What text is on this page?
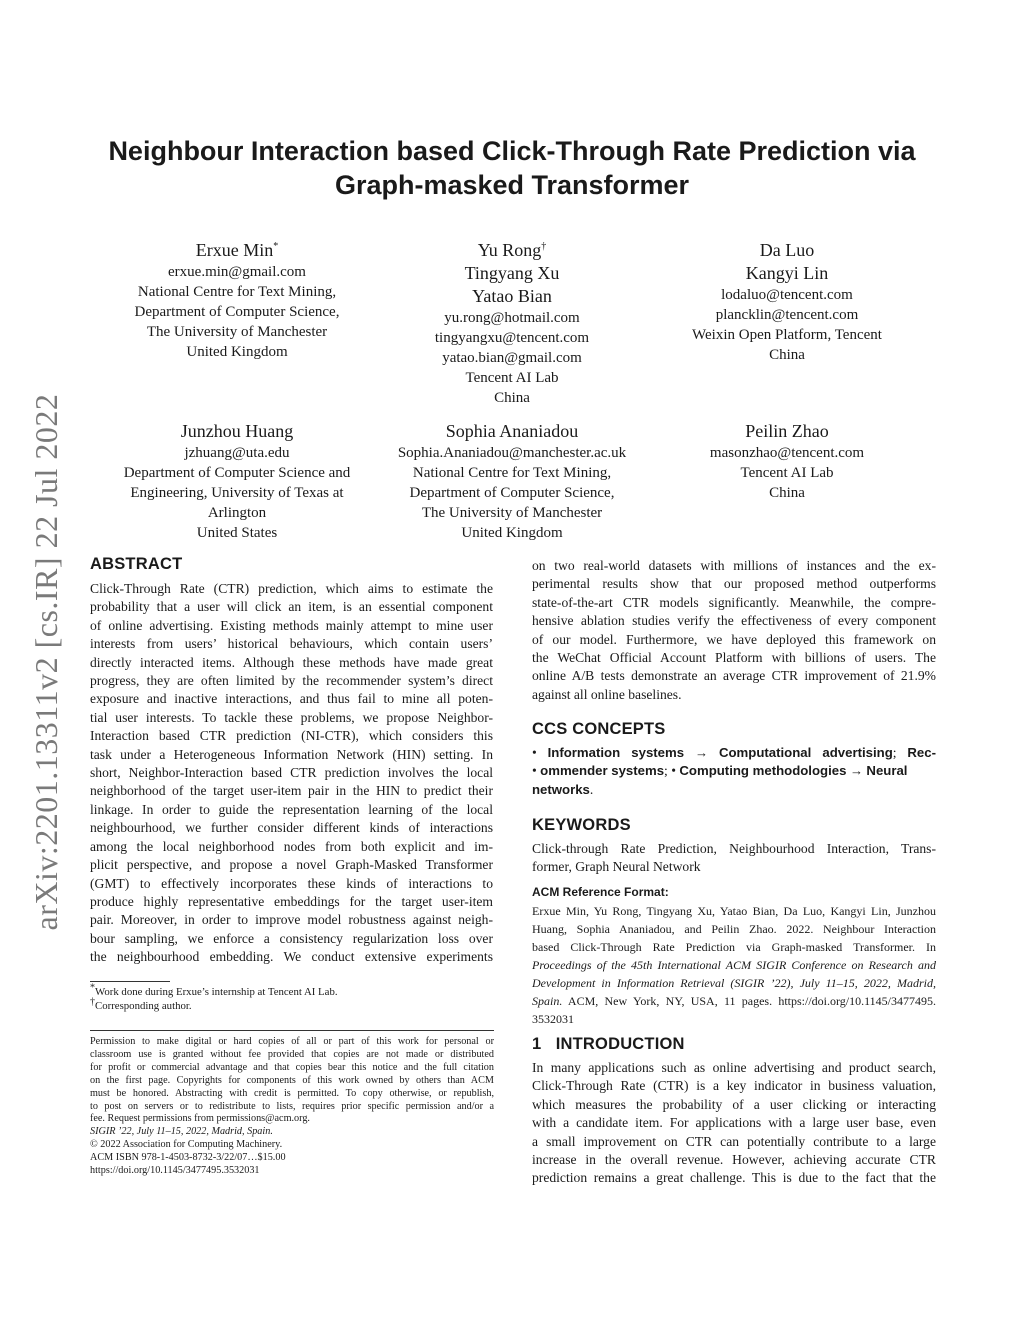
arXiv:2201.13311v2 [cs.IR] 22 Jul 2022
Neighbour Interaction based Click-Through Rate Prediction via
Graph-masked Transformer
Erxue Min*
erxue.min@gmail.com
National Centre for Text Mining,
Department of Computer Science,
The University of Manchester
United Kingdom
Yu Rong†
Tingyang Xu
Yatao Bian
yu.rong@hotmail.com
tingyangxu@tencent.com
yatao.bian@gmail.com
Tencent AI Lab
China
Da Luo
Kangyi Lin
lodaluo@tencent.com
plancklin@tencent.com
Weixin Open Platform, Tencent
China
Junzhou Huang
jzhuang@uta.edu
Department of Computer Science and
Engineering, University of Texas at
Arlington
United States
Sophia Ananiadou
Sophia.Ananiadou@manchester.ac.uk
National Centre for Text Mining,
Department of Computer Science,
The University of Manchester
United Kingdom
Peilin Zhao
masonzhao@tencent.com
Tencent AI Lab
China
ABSTRACT
Click-Through Rate (CTR) prediction, which aims to estimate the
probability that a user will click an item, is an essential component
of online advertising. Existing methods mainly attempt to mine user
interests from users’ historical behaviours, which contain users’
directly interacted items. Although these methods have made great
progress, they are often limited by the recommender system’s direct
exposure and inactive interactions, and thus fail to mine all poten-
tial user interests. To tackle these problems, we propose Neighbor-
Interaction based CTR prediction (NI-CTR), which considers this
task under a Heterogeneous Information Network (HIN) setting. In
short, Neighbor-Interaction based CTR prediction involves the local
neighborhood of the target user-item pair in the HIN to predict their
linkage. In order to guide the representation learning of the local
neighbourhood, we further consider different kinds of interactions
among the local neighborhood nodes from both explicit and im-
plicit perspective, and propose a novel Graph-Masked Transformer
(GMT) to effectively incorporates these kinds of interactions to
produce highly representative embeddings for the target user-item
pair. Moreover, in order to improve model robustness against neigh-
bour sampling, we enforce a consistency regularization loss over
the neighbourhood embedding. We conduct extensive experiments
*Work done during Erxue’s internship at Tencent AI Lab.
†Corresponding author.
Permission to make digital or hard copies of all or part of this work for personal or
classroom use is granted without fee provided that copies are not made or distributed
for profit or commercial advantage and that copies bear this notice and the full citation
on the first page. Copyrights for components of this work owned by others than ACM
must be honored. Abstracting with credit is permitted. To copy otherwise, or republish,
to post on servers or to redistribute to lists, requires prior specific permission and/or a
fee. Request permissions from permissions@acm.org.
SIGIR ’22, July 11–15, 2022, Madrid, Spain.
© 2022 Association for Computing Machinery.
ACM ISBN 978-1-4503-8732-3/22/07…$15.00
https://doi.org/10.1145/3477495.3532031
on two real-world datasets with millions of instances and the ex-
perimental results show that our proposed method outperforms
state-of-the-art CTR models significantly. Meanwhile, the compre-
hensive ablation studies verify the effectiveness of every component
of our model. Furthermore, we have deployed this framework on
the WeChat Official Account Platform with billions of users. The
online A/B tests demonstrate an average CTR improvement of 21.9%
against all online baselines.
CCS CONCEPTS
• Information systems → Computational advertising; Rec-
• ommender systems; • Computing methodologies → Neural
networks.
KEYWORDS
Click-through Rate Prediction, Neighbourhood Interaction, Trans-
former, Graph Neural Network
ACM Reference Format:
Erxue Min, Yu Rong, Tingyang Xu, Yatao Bian, Da Luo, Kangyi Lin, Junzhou
Huang, Sophia Ananiadou, and Peilin Zhao. 2022. Neighbour Interaction
based Click-Through Rate Prediction via Graph-masked Transformer. In
Proceedings of the 45th International ACM SIGIR Conference on Research and
Development in Information Retrieval (SIGIR ’22), July 11–15, 2022, Madrid,
Spain. ACM, New York, NY, USA, 11 pages. https://doi.org/10.1145/3477495.
3532031
1 INTRODUCTION
In many applications such as online advertising and product search,
Click-Through Rate (CTR) is a key indicator in business valuation,
which measures the probability of a user clicking or interacting
with a candidate item. For applications with a large user base, even
a small improvement on CTR can potentially contribute to a large
increase in the overall revenue. However, achieving accurate CTR
prediction remains a great challenge. This is due to the fact that the
